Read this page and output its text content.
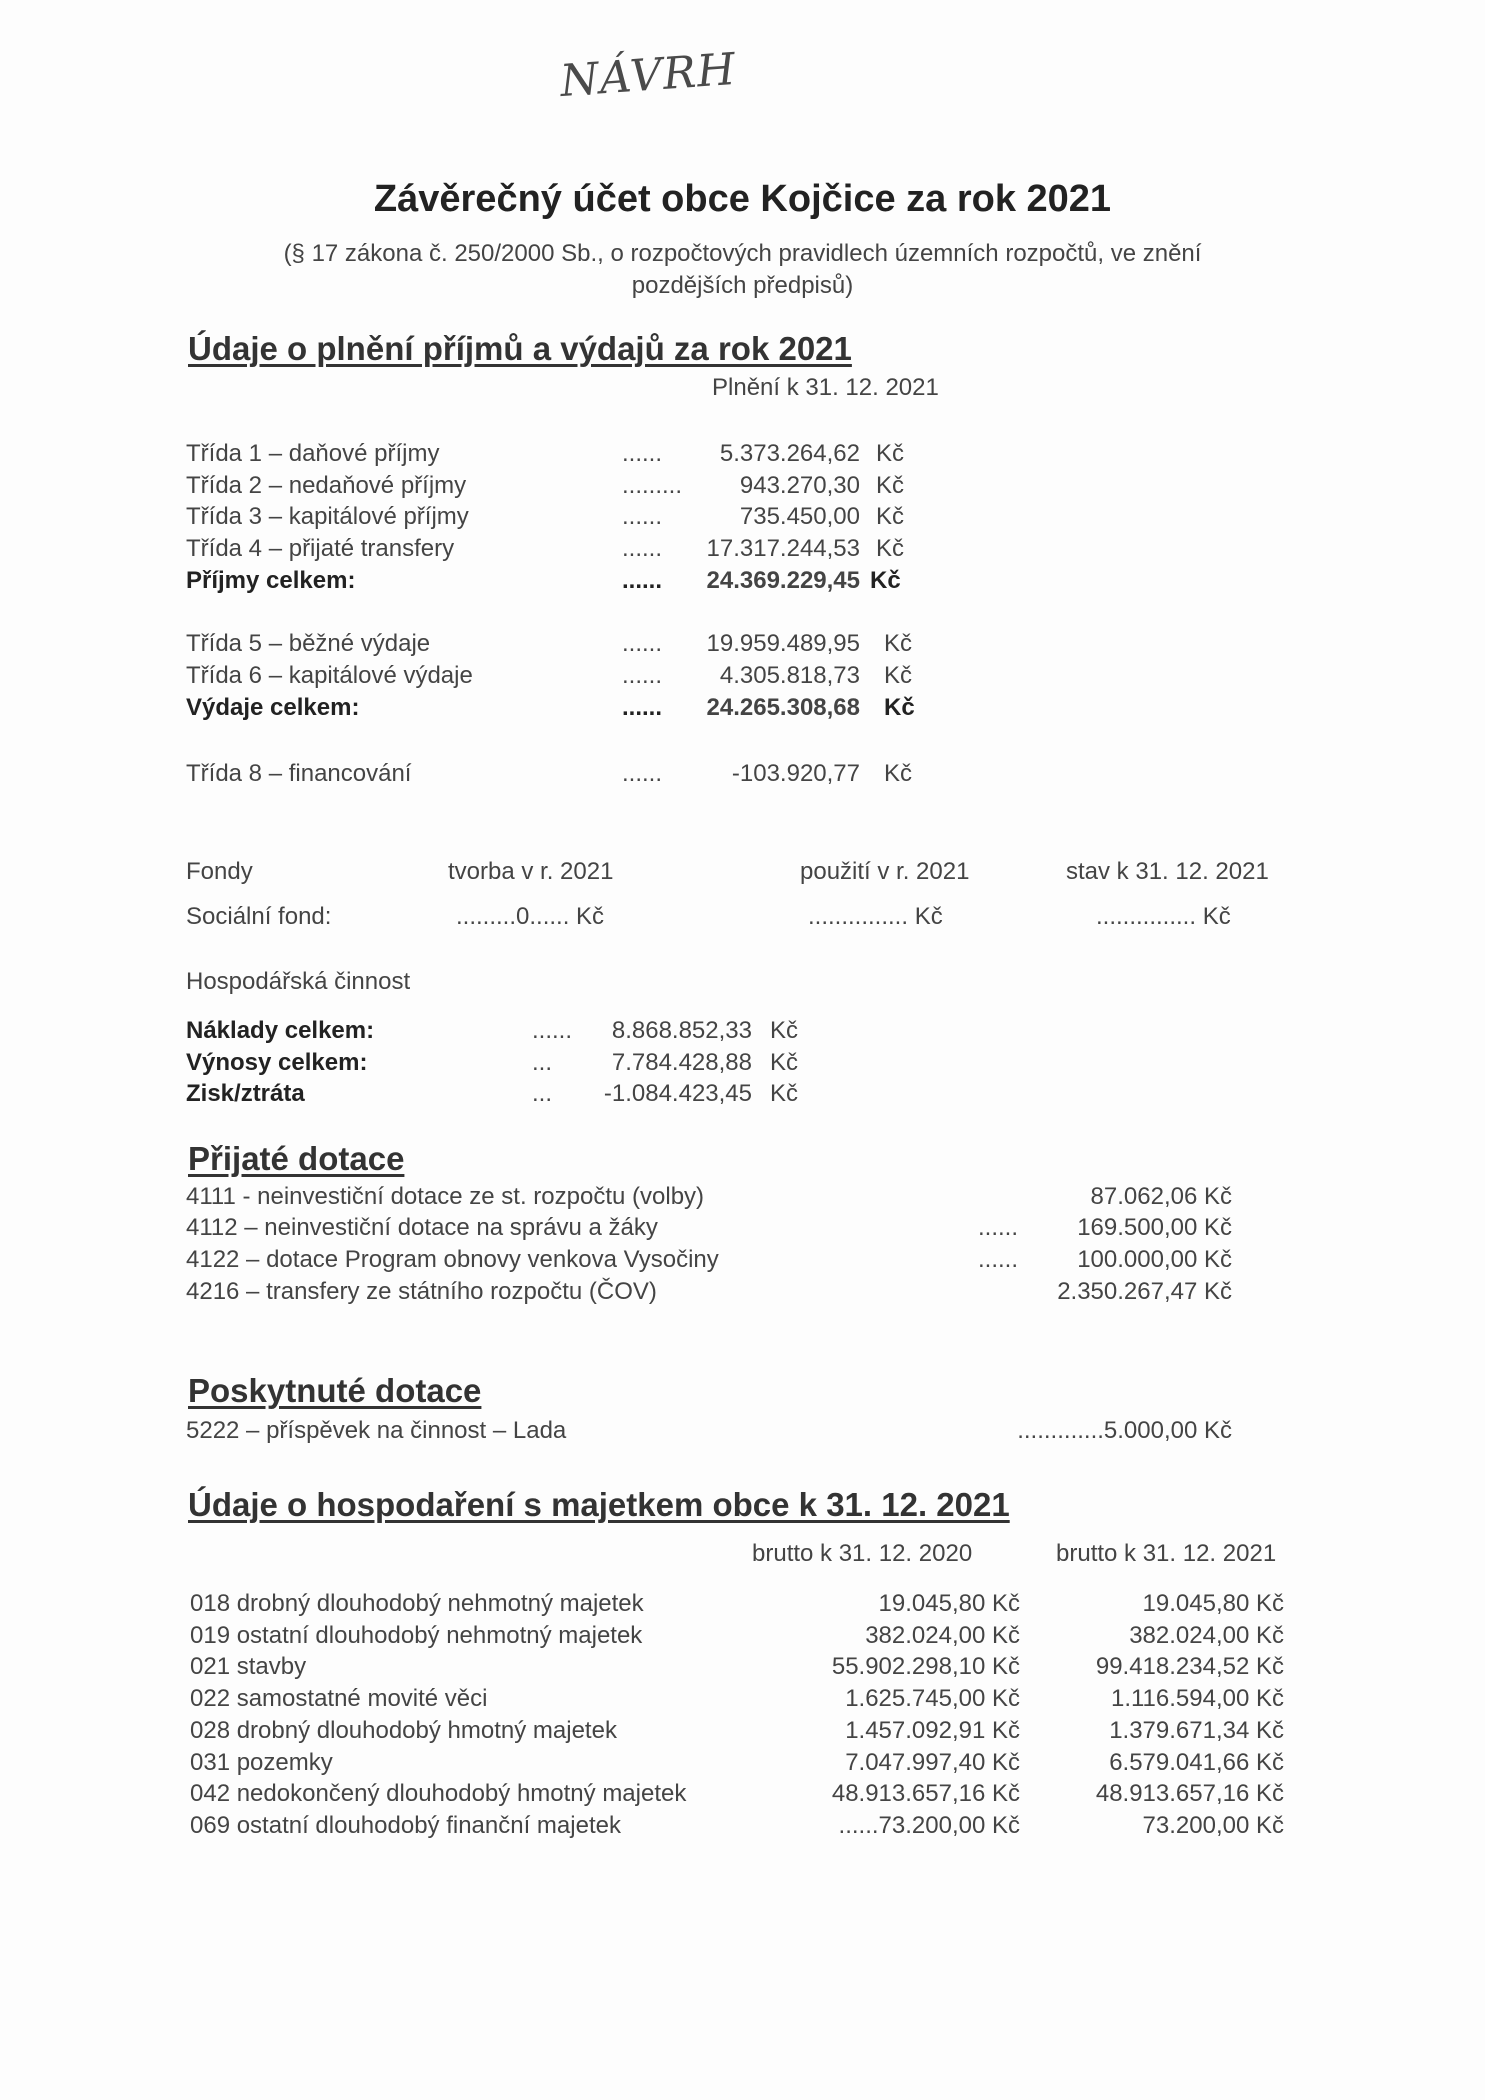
NÁVRH
Závěrečný účet obce Kojčice za rok 2021
(§ 17 zákona č. 250/2000 Sb., o rozpočtových pravidlech územních rozpočtů, ve znění
pozdějších předpisů)
Údaje o plnění příjmů a výdajů za rok 2021
Plnění k 31. 12. 2021
Třída 1 – daňové příjmy	......	5.373.264,62 Kč
Třída 2 – nedaňové příjmy	.........	943.270,30 Kč
Třída 3 – kapitálové příjmy	......	735.450,00 Kč
Třída 4 – přijaté transfery	......	17.317.244,53 Kč
Příjmy celkem:	......	24.369.229,45 Kč
Třída 5 – běžné výdaje	......	19.959.489,95 Kč
Třída 6 – kapitálové výdaje	......	4.305.818,73 Kč
Výdaje celkem:	......	24.265.308,68 Kč
Třída 8 – financování	......	-103.920,77 Kč
Fondy	tvorba v r. 2021	použití v r. 2021	stav k 31. 12. 2021
Sociální fond:	.........0...... Kč	............... Kč	............... Kč
Hospodářská činnost
Náklady celkem:	......	8.868.852,33 Kč
Výnosy celkem:	...	7.784.428,88 Kč
Zisk/ztráta	...	-1.084.423,45 Kč
Přijaté dotace
4111 - neinvestiční dotace ze st. rozpočtu (volby)	87.062,06 Kč
4112 – neinvestiční dotace na správu a žáky	......	169.500,00 Kč
4122 – dotace Program obnovy venkova Vysočiny	......	100.000,00 Kč
4216 – transfery ze státního rozpočtu (ČOV)	2.350.267,47 Kč
Poskytnuté dotace
5222 – příspěvek na činnost – Lada	.............5.000,00 Kč
Údaje o hospodaření s majetkem obce k 31. 12. 2021
brutto k 31. 12. 2020	brutto k 31. 12. 2021
018 drobný dlouhodobý nehmotný majetek	19.045,80 Kč	19.045,80 Kč
019 ostatní dlouhodobý nehmotný majetek	382.024,00 Kč	382.024,00 Kč
021 stavby	55.902.298,10 Kč	99.418.234,52 Kč
022 samostatné movité věci	1.625.745,00 Kč	1.116.594,00 Kč
028 drobný dlouhodobý hmotný majetek	1.457.092,91 Kč	1.379.671,34 Kč
031 pozemky	7.047.997,40 Kč	6.579.041,66 Kč
042 nedokončený dlouhodobý hmotný majetek	48.913.657,16 Kč	48.913.657,16 Kč
069 ostatní dlouhodobý finanční majetek	......73.200,00 Kč	73.200,00 Kč
